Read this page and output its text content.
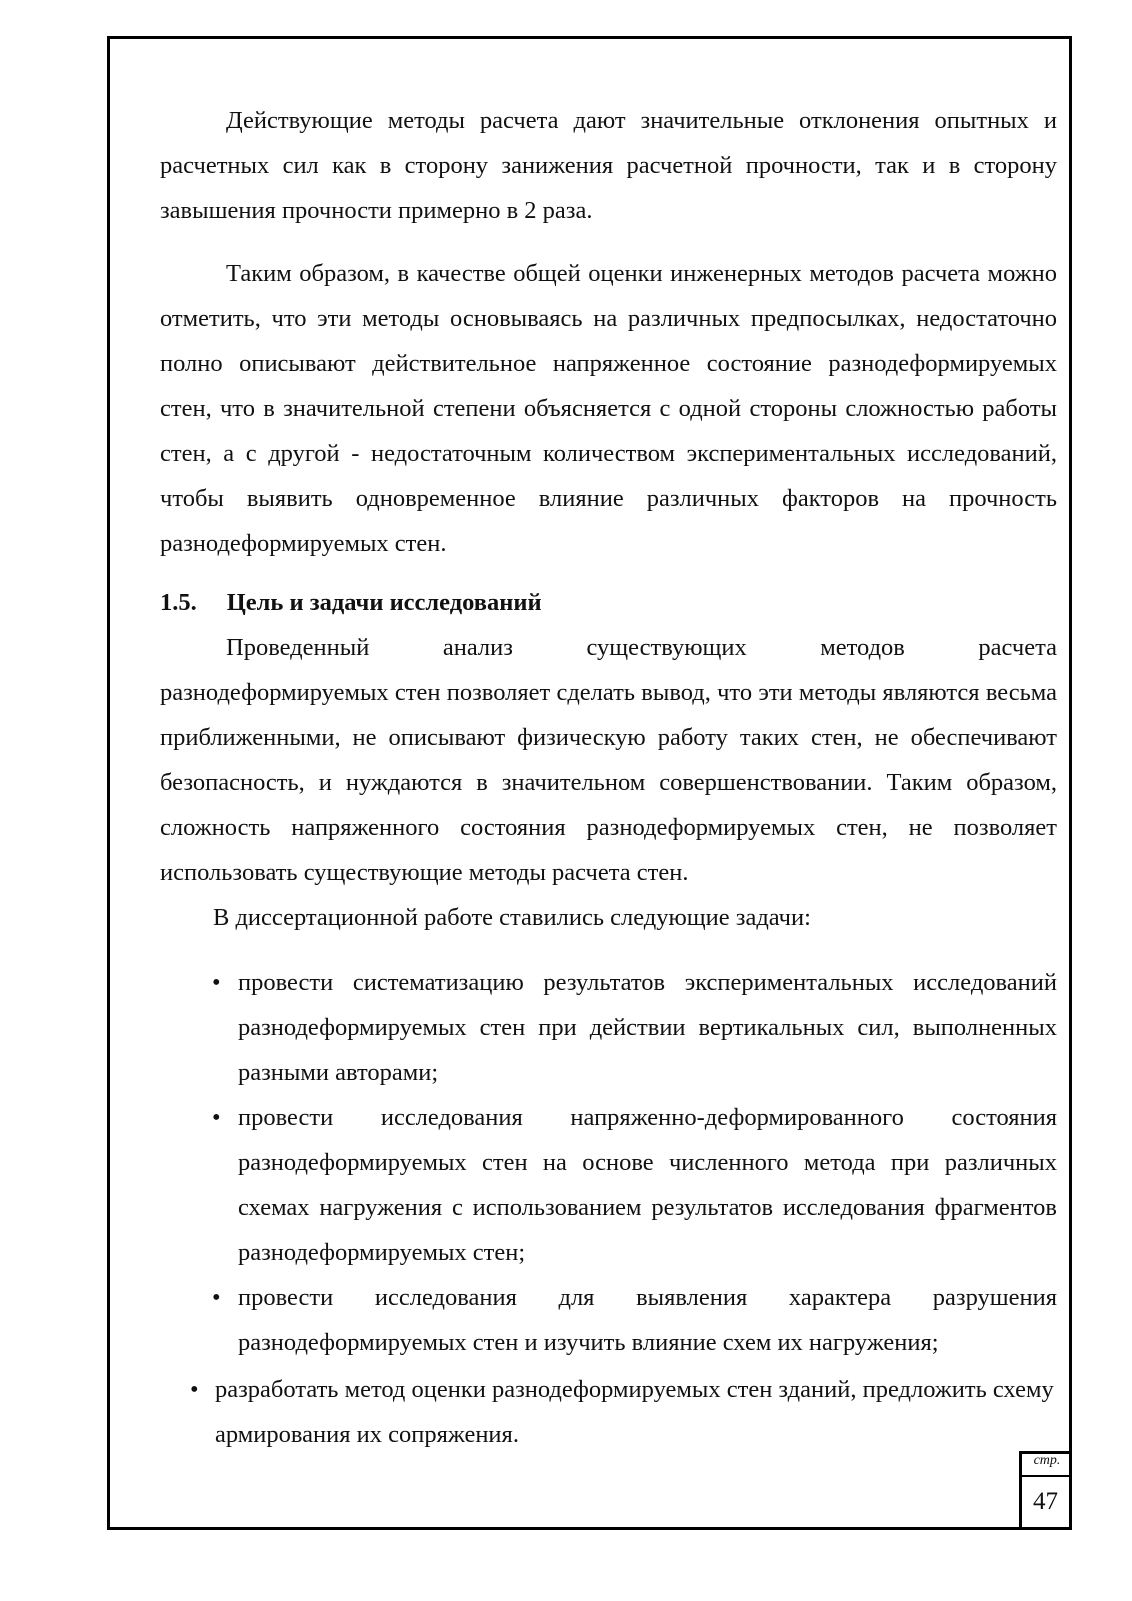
Действующие методы расчета дают значительные отклонения опытных и расчетных сил как в сторону занижения расчетной прочности, так и в сторону завышения прочности примерно в 2 раза.

Таким образом, в качестве общей оценки инженерных методов расчета можно отметить, что эти методы основываясь на различных предпосылках, недостаточно полно описывают действительное напряженное состояние разнодеформируемых стен, что в значительной степени объясняется с одной стороны сложностью работы стен, а с другой - недостаточным количеством экспериментальных исследований, чтобы выявить одновременное влияние различных факторов на прочность разнодеформируемых стен.

1.5. Цель и задачи исследований

Проведенный анализ существующих методов расчета

разнодеформируемых стен позволяет сделать вывод, что эти методы являются весьма приближенными, не описывают физическую работу таких стен, не обеспечивают безопасность, и нуждаются в значительном совершенствовании. Таким образом, сложность напряженного состояния разнодеформируемых стен, не позволяет использовать существующие методы расчета стен.

В диссертационной работе ставились следующие задачи:

• провести систематизацию результатов экспериментальных исследований разнодеформируемых стен при действии вертикальных сил, выполненных разными авторами;
• провести исследования напряженно-деформированного состояния разнодеформируемых стен на основе численного метода при различных схемах нагружения с использованием результатов исследования фрагментов разнодеформируемых стен;
• провести исследования для выявления характера разрушения разнодеформируемых стен и изучить влияние схем их нагружения;
• разработать метод оценки разнодеформируемых стен зданий, предложить схему армирования их сопряжения.
стр.
47
